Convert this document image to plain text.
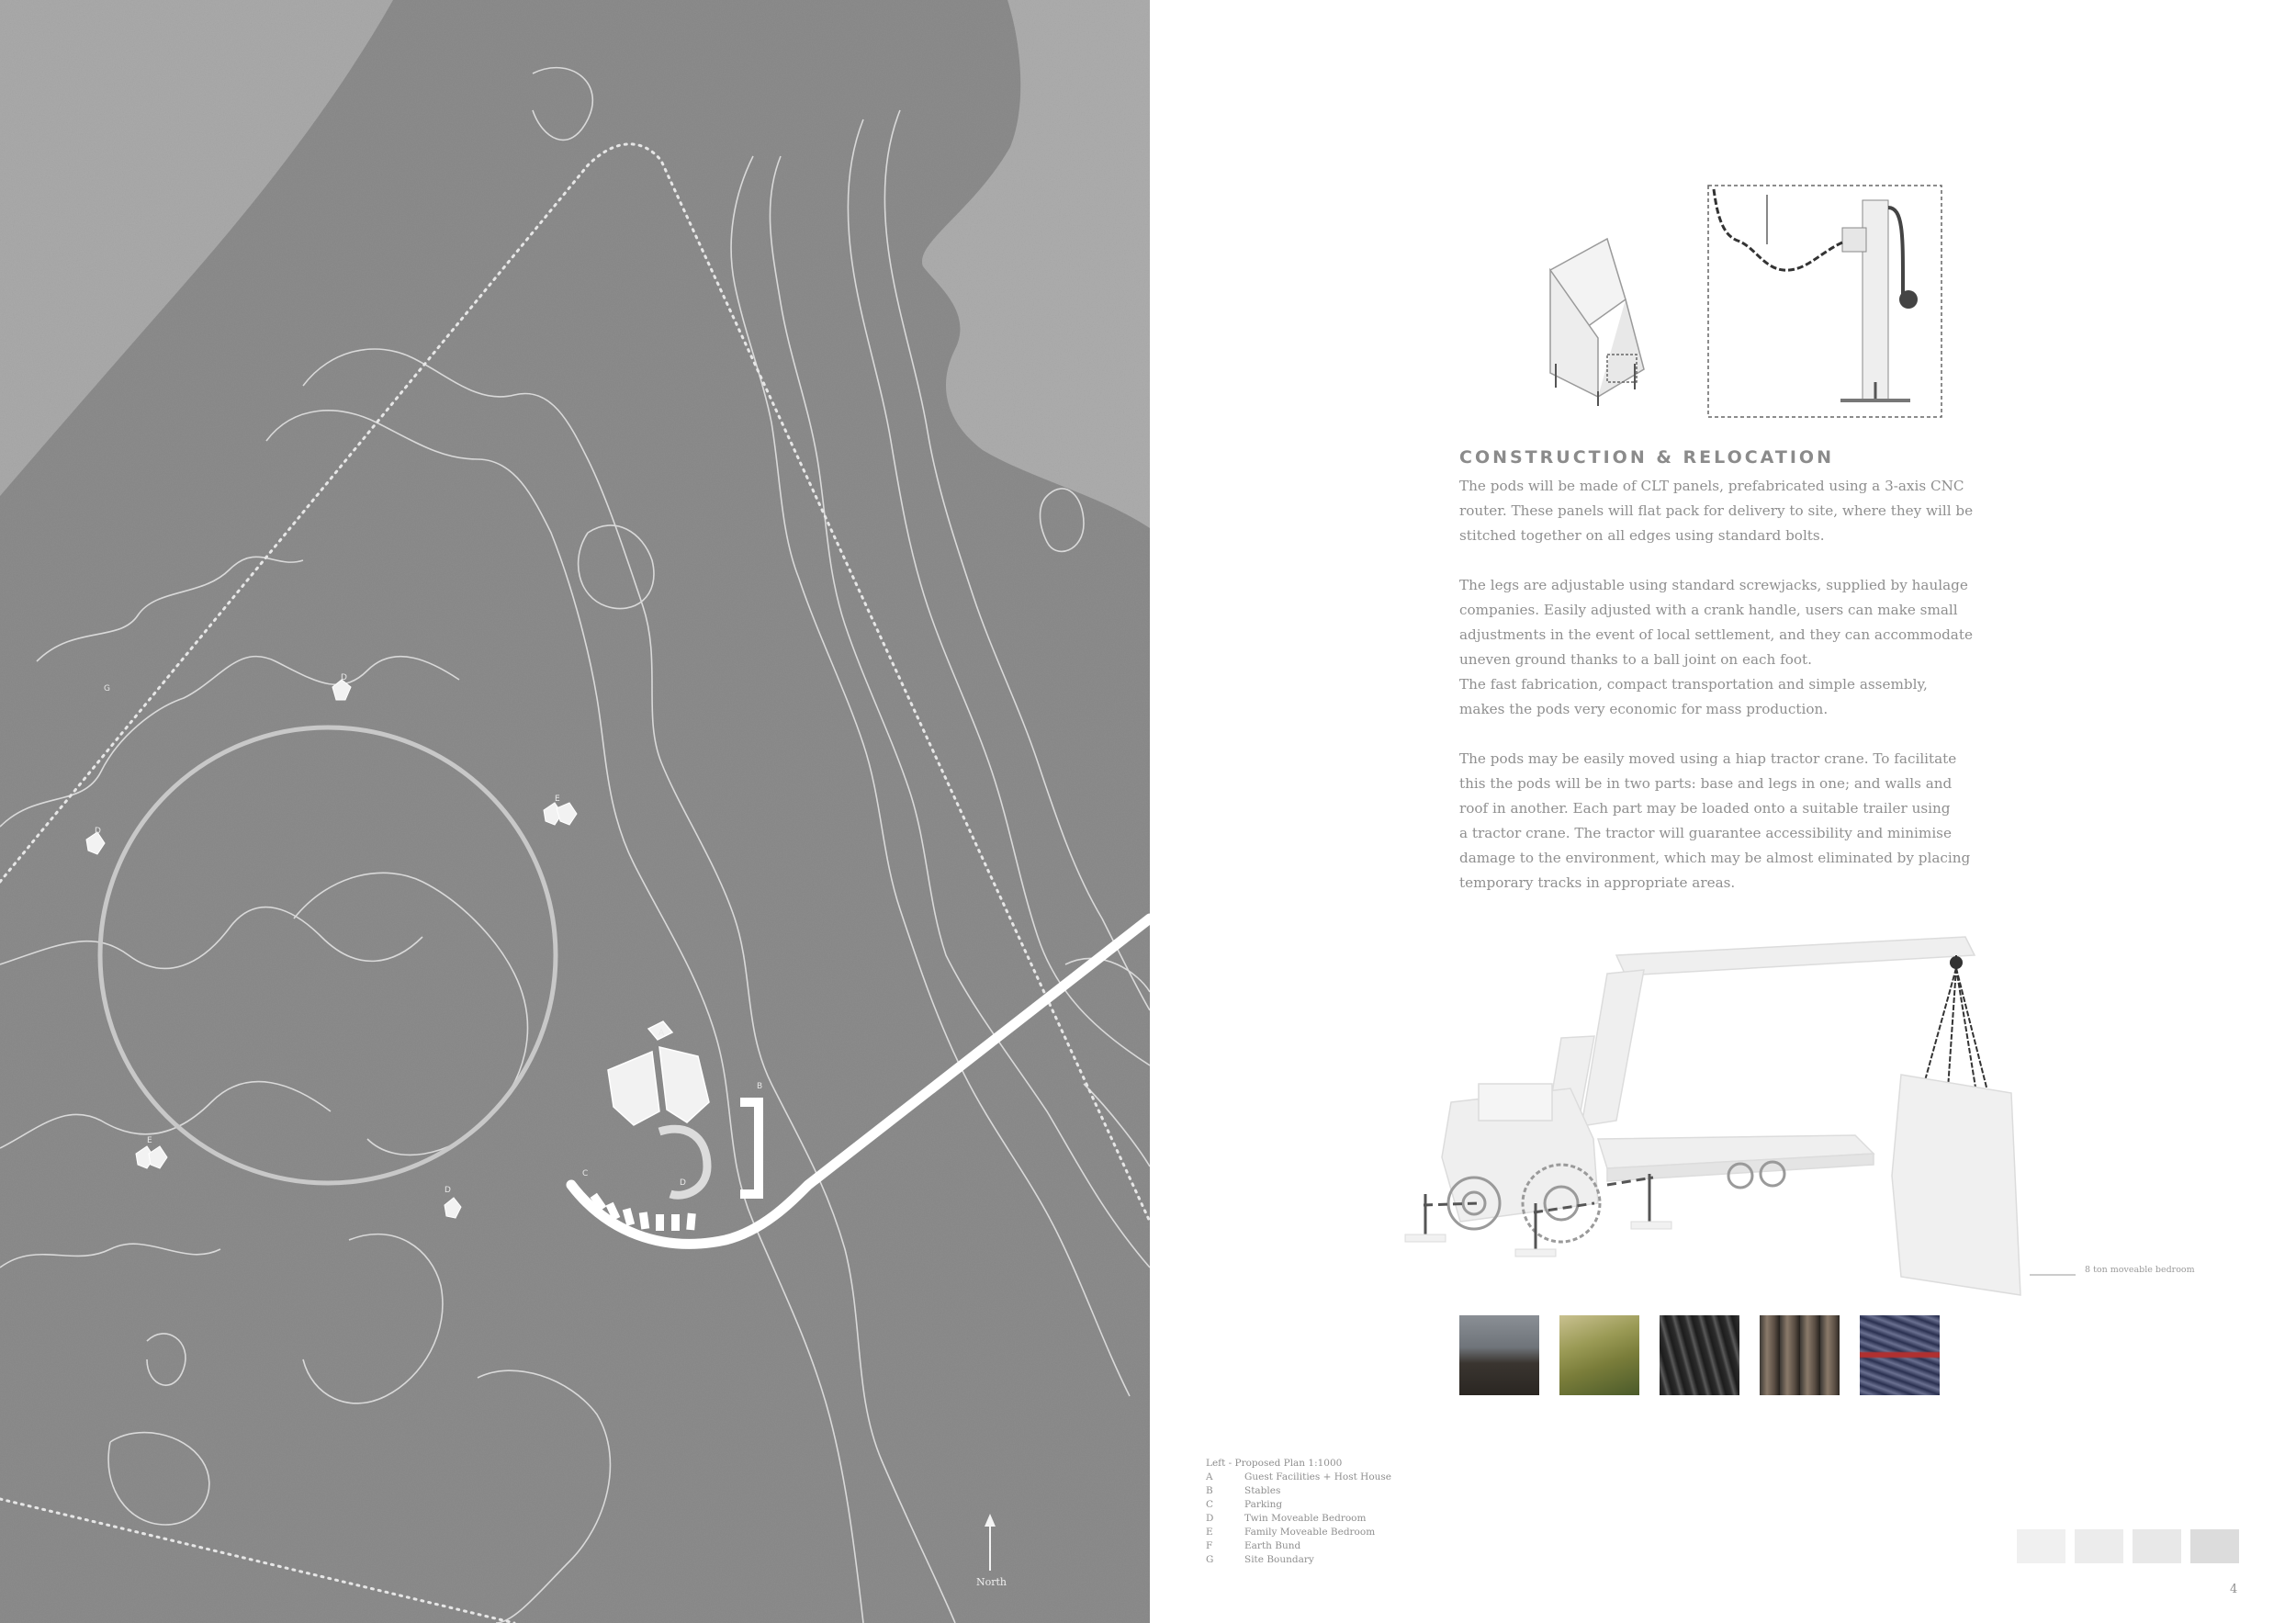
A
B
C
D
D
D
D
E
E
G
North
CONSTRUCTION & RELOCATION

The pods will be made of CLT panels, prefabricated using a 3-axis CNC
router. These panels will flat pack for delivery to site, where they will be
stitched together on all edges using standard bolts.

The legs are adjustable using standard screwjacks, supplied by haulage
companies. Easily adjusted with a crank handle, users can make small
adjustments in the event of local settlement, and they can accommodate
uneven ground thanks to a ball joint on each foot.
The fast fabrication, compact transportation and simple assembly,
makes the pods very economic for mass production.

The pods may be easily moved using a hiap tractor crane. To facilitate
this the pods will be in two parts: base and legs in one; and walls and
roof in another. Each part may be loaded onto a suitable trailer using
a tractor crane. The tractor will guarantee accessibility and minimise
damage to the environment, which may be almost eliminated by placing
temporary tracks in appropriate areas.

8 ton moveable bedroom
Left - Proposed Plan 1:1000
A	Guest Facilities + Host House
B	Stables
C	Parking
D	Twin Moveable Bedroom
E	Family Moveable Bedroom
F	Earth Bund
G	Site Boundary
4
